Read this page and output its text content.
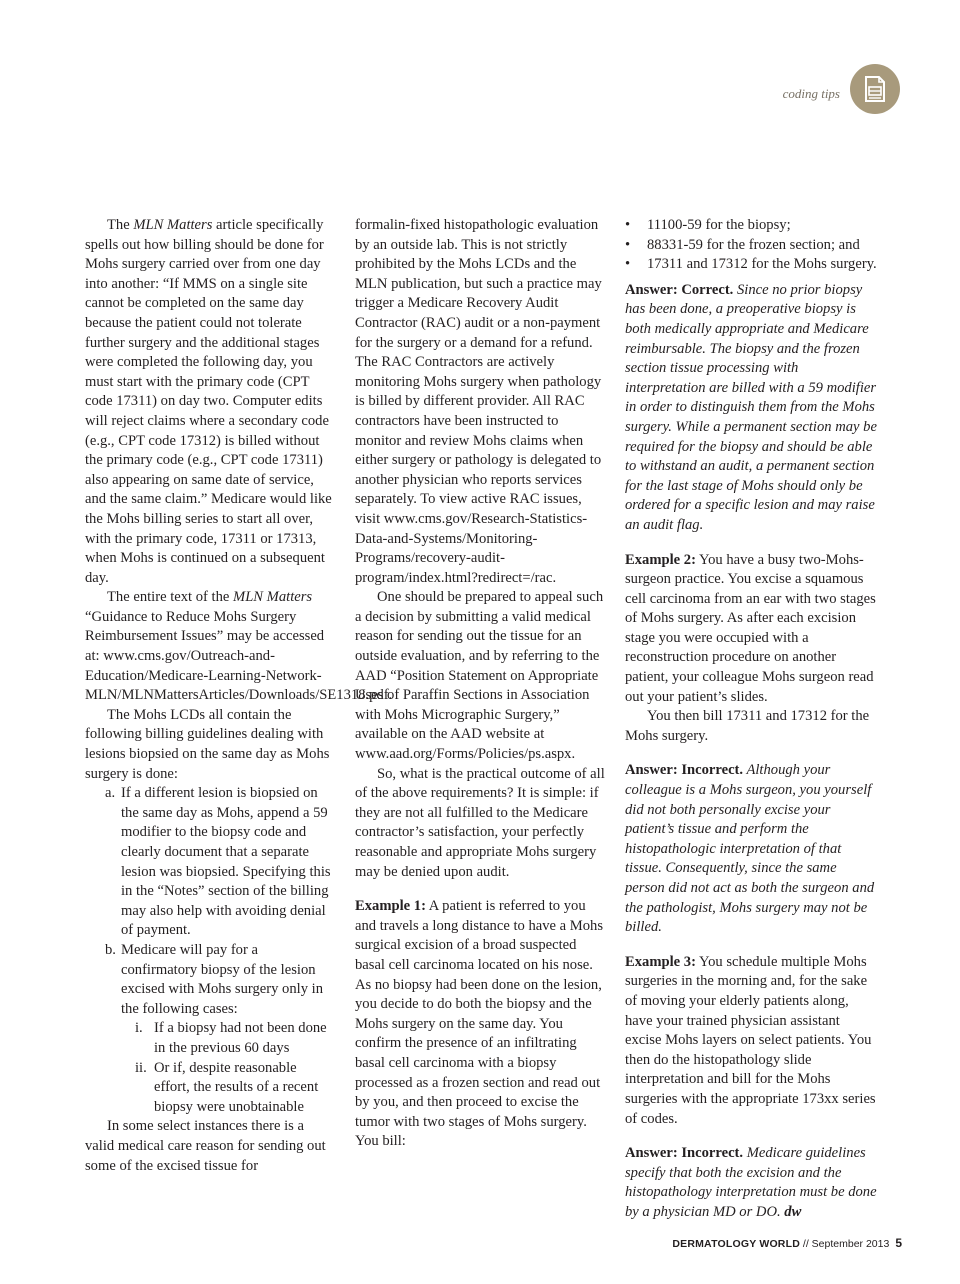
coding tips

The MLN Matters article specifically spells out how billing should be done for Mohs surgery carried over from one day into another: “If MMS on a single site cannot be completed on the same day because the patient could not tolerate further surgery and the additional stages were completed the following day, you must start with the primary code (CPT code 17311) on day two. Computer edits will reject claims where a secondary code (e.g., CPT code 17312) is billed without the primary code (e.g., CPT code 17311) also appearing on same date of service, and the same claim.” Medicare would like the Mohs billing series to start all over, with the primary code, 17311 or 17313, when Mohs is continued on a subsequent day.

The entire text of the MLN Matters “Guidance to Reduce Mohs Surgery Reimbursement Issues” may be accessed at: www.cms.gov/Outreach-and-Education/Medicare-Learning-Network-MLN/MLNMattersArticles/Downloads/SE1318.pdf.

The Mohs LCDs all contain the following billing guidelines dealing with lesions biopsied on the same day as Mohs surgery is done:

a. If a different lesion is biopsied on the same day as Mohs, append a 59 modifier to the biopsy code and clearly document that a separate lesion was biopsied. Specifying this in the “Notes” section of the billing may also help with avoiding denial of payment.
b. Medicare will pay for a confirmatory biopsy of the lesion excised with Mohs surgery only in the following cases:
i. If a biopsy had not been done in the previous 60 days
ii. Or if, despite reasonable effort, the results of a recent biopsy were unobtainable

In some select instances there is a valid medical care reason for sending out some of the excised tissue for

formalin-fixed histopathologic evaluation by an outside lab. This is not strictly prohibited by the Mohs LCDs and the MLN publication, but such a practice may trigger a Medicare Recovery Audit Contractor (RAC) audit or a non-payment for the surgery or a demand for a refund. The RAC Contractors are actively monitoring Mohs surgery when pathology is billed by different provider. All RAC contractors have been instructed to monitor and review Mohs claims when either surgery or pathology is delegated to another physician who reports services separately. To view active RAC issues, visit www.cms.gov/Research-Statistics-Data-and-Systems/Monitoring-Programs/recovery-audit-program/index.html?redirect=/rac.

One should be prepared to appeal such a decision by submitting a valid medical reason for sending out the tissue for an outside evaluation, and by referring to the AAD “Position Statement on Appropriate Uses of Paraffin Sections in Association with Mohs Micrographic Surgery,” available on the AAD website at www.aad.org/Forms/Policies/ps.aspx.

So, what is the practical outcome of all of the above requirements? It is simple: if they are not all fulfilled to the Medicare contractor’s satisfaction, your perfectly reasonable and appropriate Mohs surgery may be denied upon audit.

Example 1: A patient is referred to you and travels a long distance to have a Mohs surgical excision of a broad suspected basal cell carcinoma located on his nose. As no biopsy had been done on the lesion, you decide to do both the biopsy and the Mohs surgery on the same day. You confirm the presence of an infiltrating basal cell carcinoma with a biopsy processed as a frozen section and read out by you, and then proceed to excise the tumor with two stages of Mohs surgery. You bill:

•	11100-59 for the biopsy;
•	88331-59 for the frozen section; and
•	17311 and 17312 for the Mohs surgery.

Answer: Correct. Since no prior biopsy has been done, a preoperative biopsy is both medically appropriate and Medicare reimbursable. The biopsy and the frozen section tissue processing with interpretation are billed with a 59 modifier in order to distinguish them from the Mohs surgery. While a permanent section may be required for the biopsy and should be able to withstand an audit, a permanent section for the last stage of Mohs should only be ordered for a specific lesion and may raise an audit flag.

Example 2: You have a busy two-Mohs-surgeon practice. You excise a squamous cell carcinoma from an ear with two stages of Mohs surgery. As after each excision stage you were occupied with a reconstruction procedure on another patient, your colleague Mohs surgeon read out your patient’s slides.

You then bill 17311 and 17312 for the Mohs surgery.

Answer: Incorrect. Although your colleague is a Mohs surgeon, you yourself did not both personally excise your patient’s tissue and perform the histopathologic interpretation of that tissue. Consequently, since the same person did not act as both the surgeon and the pathologist, Mohs surgery may not be billed.

Example 3: You schedule multiple Mohs surgeries in the morning and, for the sake of moving your elderly patients along, have your trained physician assistant excise Mohs layers on select patients. You then do the histopathology slide interpretation and bill for the Mohs surgeries with the appropriate 173xx series of codes.

Answer: Incorrect. Medicare guidelines specify that both the excision and the histopathology interpretation must be done by a physician MD or DO. dw

DERMATOLOGY WORLD // September 2013 5
